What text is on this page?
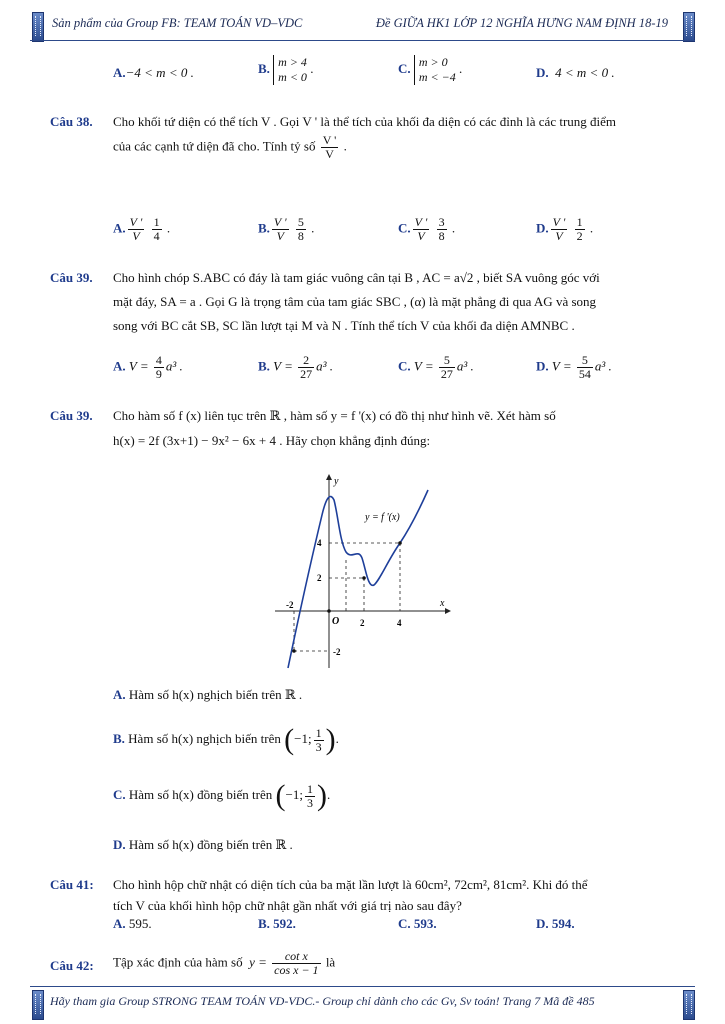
Sản phẩm của Group FB: TEAM TOÁN VD–VDC	Đề GIỮA HK1 LỚP 12 NGHĨA HƯNG NAM ĐỊNH 18-19
A.−4 < m < 0 .	B. m > 4
m < 0 .	C. m > 0
m < −4 .	D. 4 < m < 0 .
Câu 38. Cho khối tứ diện có thể tích V . Gọi V ' là thể tích của khối đa diện có các đỉnh là các trung điểm
của các cạnh tứ diện đã cho. Tính tỷ số $\frac{V '}{V}$ .
A. $\frac{V '}{V}$
$\frac{1}{4}$ .	B. $\frac{V '}{V}$
$\frac{5}{8}$ .	C. $\frac{V '}{V}$
$\frac{3}{8}$ .	D. $\frac{V '}{V}$
$\frac{1}{2}$ .
Câu 39. Cho hình chóp S.ABC có đáy là tam giác vuông cân tại B , AC = a√2 , biết SA vuông góc với
mặt đáy, SA = a . Gọi G là trọng tâm của tam giác SBC , (α) là mặt phẳng đi qua AG và song
song với BC cắt SB, SC lần lượt tại M và N . Tính thể tích V của khối đa diện AMNBC .
A. $V = \frac{4}{9} a^3$ .	B. $V = \frac{2}{27} a^3$ .	C. $V = \frac{5}{27} a^3$ .	D. $V = \frac{5}{54} a^3$ .
Câu 39. Cho hàm số f (x) liên tục trên ℝ , hàm số y = f '(x) có đồ thị như hình vẽ. Xét hàm số
h(x) = 2f (3x+1) − 9x² − 6x + 4 . Hãy chọn khẳng định đúng:
y = f '(x)
y
x
O
-2
2	4
4
2
-2
A. Hàm số h(x) nghịch biến trên ℝ .
B. Hàm số h(x) nghịch biến trên (−1; $\frac{1}{3}$ ).
C. Hàm số h(x) đồng biến trên (−1; $\frac{1}{3}$ ).
D. Hàm số h(x) đồng biến trên ℝ .
Câu 41: Cho hình hộp chữ nhật có diện tích của ba mặt lần lượt là 60cm², 72cm², 81cm². Khi đó thể
tích V của khối hình hộp chữ nhật gần nhất với giá trị nào sau đây?
A. 595.	B. 592.	C. 593.	D. 594.
Câu 42: Tập xác định của hàm số $y = \frac{\text{cot x}}{\text{cos x − 1}}$ là
Hãy tham gia Group STRONG TEAM TOÁN VD-VDC.- Group chỉ dành cho các Gv, Sv toán! Trang 7 Mã đề 485
